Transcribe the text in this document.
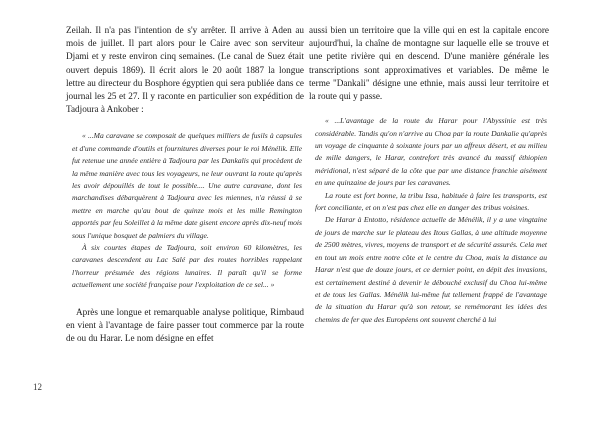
Zeilah. Il n'a pas l'intention de s'y arrêter. Il arrive à Aden au mois de juillet. Il part alors pour le Caire avec son serviteur Djami et y reste environ cinq semaines. (Le canal de Suez était ouvert depuis 1869). Il écrit alors le 20 août 1887 la longue lettre au directeur du Bosphore égyptien qui sera publiée dans ce journal les 25 et 27. Il y raconte en particulier son expédition de Tadjoura à Ankober :

« ...Ma caravane se composait de quelques milliers de fusils à capsules et d'une commande d'outils et fournitures diverses pour le roi Ménélik. Elle fut retenue une année entière à Tadjoura par les Dankalis qui procèdent de la même manière avec tous les voyageurs, ne leur ouvrant la route qu'après les avoir dépouillés de tout le possible.... Une autre caravane, dont les marchandises débarquèrent à Tadjoura avec les miennes, n'a réussi à se mettre en marche qu'au bout de quinze mois et les mille Remington apportés par feu Soleillet à la même date gisent encore après dix-neuf mois sous l'unique bosquet de palmiers du village.

À six courtes étapes de Tadjoura, soit environ 60 kilomètres, les caravanes descendent au Lac Salé par des routes horribles rappelant l'horreur présumée des régions lunaires. Il paraît qu'il se forme actuellement une société française pour l'exploitation de ce sel... »

Après une longue et remarquable analyse politique, Rimbaud en vient à l'avantage de faire passer tout commerce par la route de ou du Harar. Le nom désigne en effet

12

aussi bien un territoire que la ville qui en est la capitale encore aujourd'hui, la chaîne de montagne sur laquelle elle se trouve et une petite rivière qui en descend. D'une manière générale les transcriptions sont approximatives et variables. De même le terme "Dankali" désigne une ethnie, mais aussi leur territoire et la route qui y passe.

« ...L'avantage de la route du Harar pour l'Abyssinie est très considérable. Tandis qu'on n'arrive au Choa par la route Dankalie qu'après un voyage de cinquante à soixante jours par un affreux désert, et au milieu de mille dangers, le Harar, contrefort très avancé du massif éthiopien méridional, n'est séparé de la côte que par une distance franchie aisément en une quinzaine de jours par les caravanes.

La route est fort bonne, la tribu Issa, habituée à faire les transports, est fort conciliante, et on n'est pas chez elle en danger des tribus voisines.

De Harar à Entotto, résidence actuelle de Ménélik, il y a une vingtaine de jours de marche sur le plateau des Itous Gallas, à une altitude moyenne de 2500 mètres, vivres, moyens de transport et de sécurité assurés. Cela met en tout un mois entre notre côte et le centre du Choa, mais la distance au Harar n'est que de douze jours, et ce dernier point, en dépit des invasions, est certainement destiné à devenir le débouché exclusif du Choa lui-même et de tous les Gallas. Ménélik lui-même fut tellement frappé de l'avantage de la situation du Harar qu'à son retour, se remémorant les idées des chemins de fer que des Européens ont souvent cherché à lui
